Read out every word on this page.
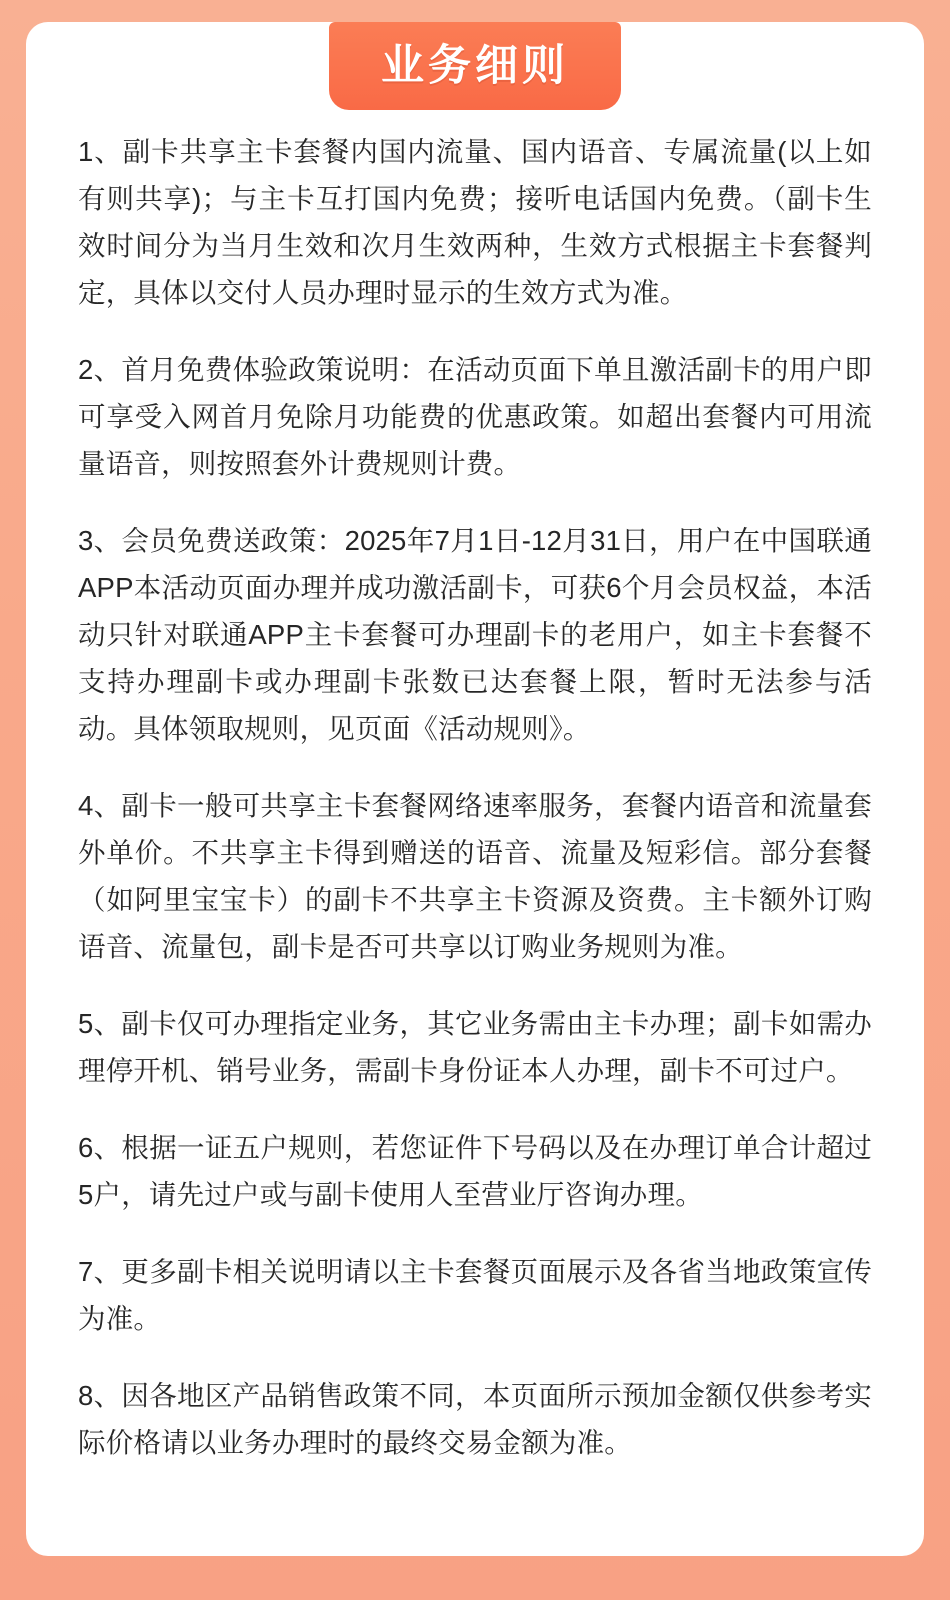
业务细则

1、副卡共享主卡套餐内国内流量、国内语音、专属流量(以上如有则共享)；与主卡互打国内免费；接听电话国内免费。（副卡生效时间分为当月生效和次月生效两种，生效方式根据主卡套餐判定，具体以交付人员办理时显示的生效方式为准。

2、首月免费体验政策说明：在活动页面下单且激活副卡的用户即可享受入网首月免除月功能费的优惠政策。如超出套餐内可用流量语音，则按照套外计费规则计费。

3、会员免费送政策：2025年7月1日-12月31日，用户在中国联通APP本活动页面办理并成功激活副卡，可获6个月会员权益，本活动只针对联通APP主卡套餐可办理副卡的老用户，如主卡套餐不支持办理副卡或办理副卡张数已达套餐上限，暂时无法参与活动。具体领取规则，见页面《活动规则》。

4、副卡一般可共享主卡套餐网络速率服务，套餐内语音和流量套外单价。不共享主卡得到赠送的语音、流量及短彩信。部分套餐（如阿里宝宝卡）的副卡不共享主卡资源及资费。主卡额外订购语音、流量包，副卡是否可共享以订购业务规则为准。

5、副卡仅可办理指定业务，其它业务需由主卡办理；副卡如需办理停开机、销号业务，需副卡身份证本人办理，副卡不可过户。

6、根据一证五户规则，若您证件下号码以及在办理订单合计超过5户，请先过户或与副卡使用人至营业厅咨询办理。

7、更多副卡相关说明请以主卡套餐页面展示及各省当地政策宣传为准。

8、因各地区产品销售政策不同，本页面所示预加金额仅供参考实际价格请以业务办理时的最终交易金额为准。
